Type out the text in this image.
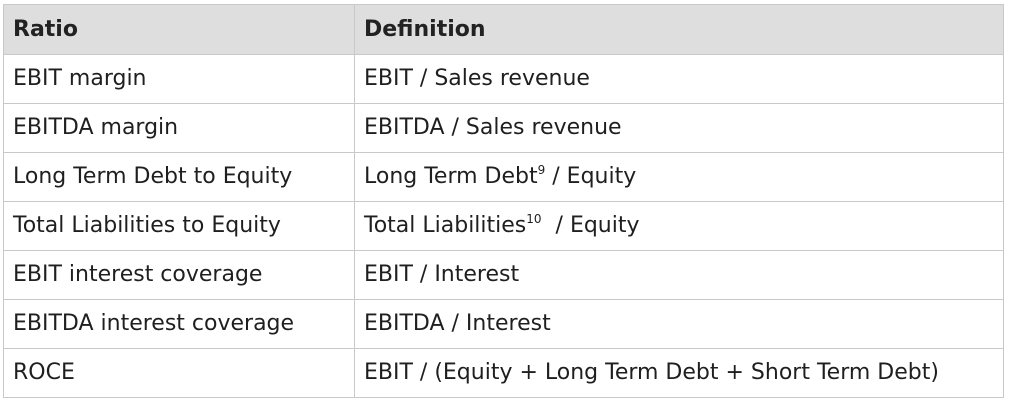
Ratio	Definition
EBIT margin	EBIT / Sales revenue
EBITDA margin	EBITDA / Sales revenue
Long Term Debt to Equity	Long Term Debt$^9$ / Equity
Total Liabilities to Equity	Total Liabilities$^{10}$  / Equity
EBIT interest coverage	EBIT / Interest
EBITDA interest coverage	EBITDA / Interest
ROCE	EBIT / (Equity + Long Term Debt + Short Term Debt)
